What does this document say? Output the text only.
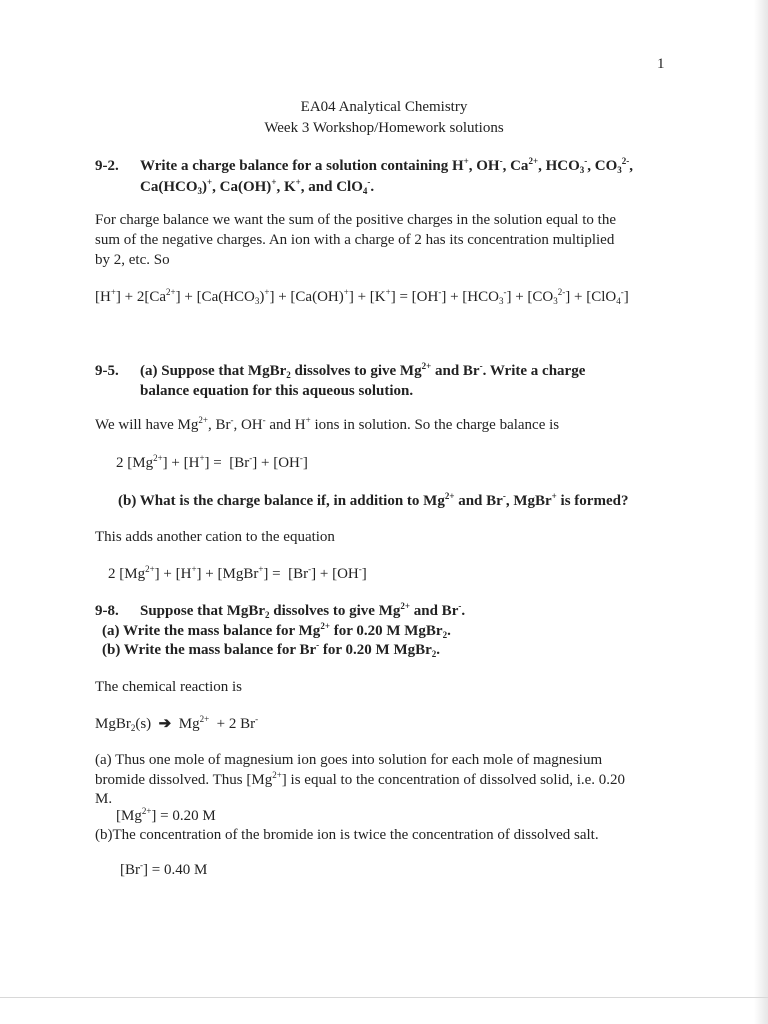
1
EA04 Analytical Chemistry
Week 3 Workshop/Homework solutions
9-2. Write a charge balance for a solution containing H+, OH-, $Ca^{2+}$, $HCO_3^-$, $CO_3^{2-}$,
$Ca(HCO_3)^+$, Ca(OH)+, K+, and ClO$_4$-.
For charge balance we want the sum of the positive charges in the solution equal to the
sum of the negative charges. An ion with a charge of 2 has its concentration multiplied
by 2, etc. So
$[H^+] + 2[Ca^{2+}] + [Ca(HCO_3)^+] + [Ca(OH)^+] + [K^+] = [OH^-] + [HCO_3^-] + [CO_3^{2-}] + [ClO_4^-]$
9-5. (a) Suppose that MgBr$_2$ dissolves to give $Mg^{2+}$ and Br-. Write a charge
balance equation for this aqueous solution.
We will have $Mg^{2+}$, Br-, OH- and H+ ions in solution. So the charge balance is
2 $[Mg^{2+}] + [H^+] = [Br^-] + [OH^-]$
(b) What is the charge balance if, in addition to $Mg^{2+}$ and Br-, MgBr+ is formed?
This adds another cation to the equation
2 $[Mg^{2+}] + [H^+]$ + [MgBr+] =  [Br-] + [OH-]
9-8. Suppose that MgBr$_2$ dissolves to give $Mg^{2+}$ and Br-.
(a) Write the mass balance for $Mg^{2+}$ for 0.20 M MgBr$_2$.
(b) Write the mass balance for Br- for 0.20 M MgBr$_2$.
The chemical reaction is
MgBr$_2$(s)  ➔  $Mg^{2+} + 2$ Br-
(a) Thus one mole of magnesium ion goes into solution for each mole of magnesium
bromide dissolved. Thus $[Mg^{2+}]$ is equal to the concentration of dissolved solid, i.e. 0.20
M.
$[Mg^{2+}] = 0.20$ M
(b)The concentration of the bromide ion is twice the concentration of dissolved salt.
[Br-] = 0.40 M
